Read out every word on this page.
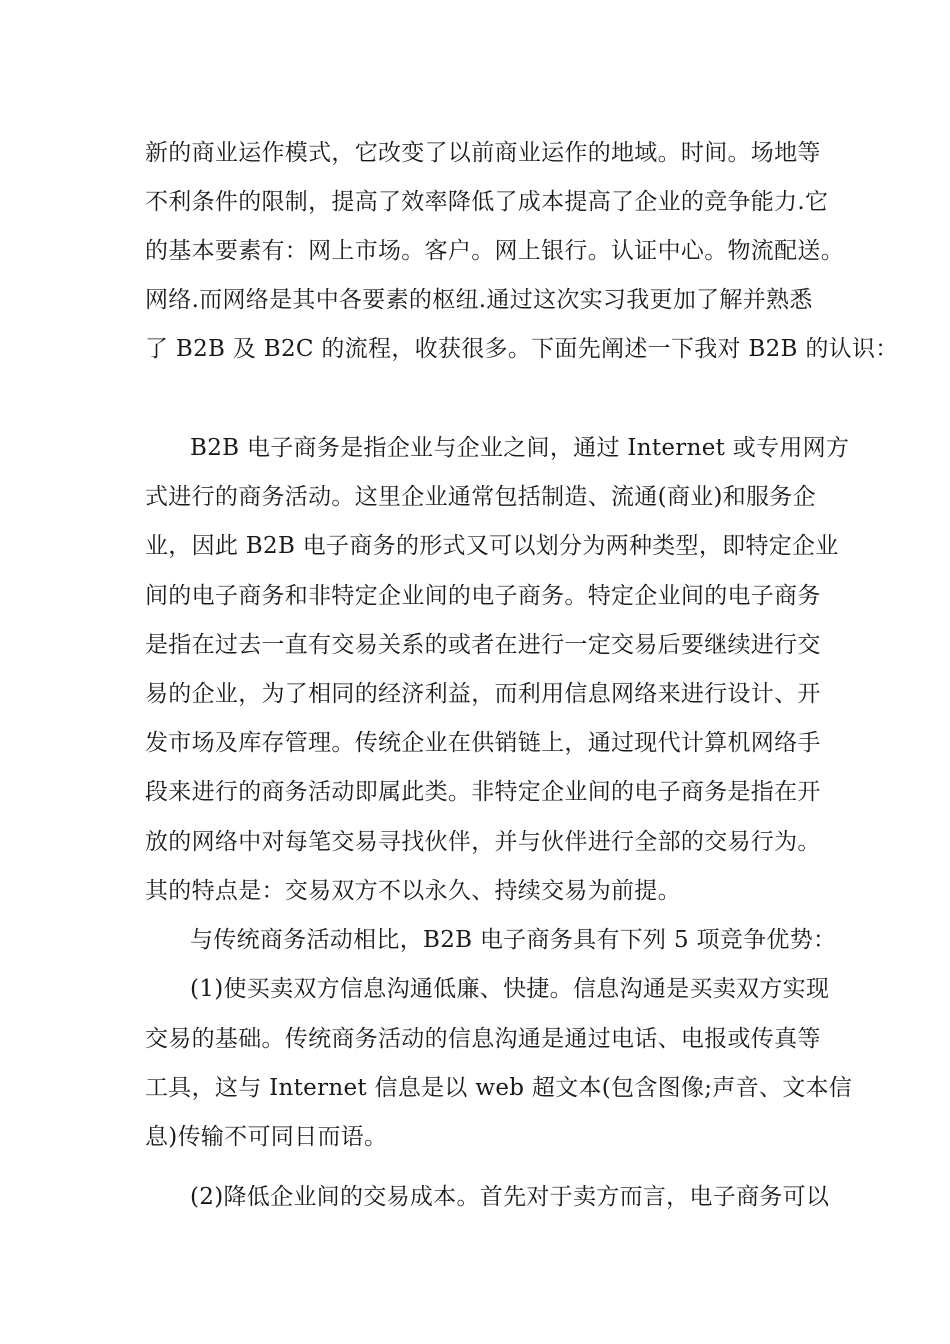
新的商业运作模式，它改变了以前商业运作的地域。时间。场地等
不利条件的限制，提高了效率降低了成本提高了企业的竞争能力.它
的基本要素有：网上市场。客户。网上银行。认证中心。物流配送。
网络.而网络是其中各要素的枢纽.通过这次实习我更加了解并熟悉
了 B2B 及 B2C 的流程，收获很多。下面先阐述一下我对 B2B 的认识：
B2B 电子商务是指企业与企业之间，通过 Internet 或专用网方
式进行的商务活动。这里企业通常包括制造、流通(商业)和服务企
业，因此 B2B 电子商务的形式又可以划分为两种类型，即特定企业
间的电子商务和非特定企业间的电子商务。特定企业间的电子商务
是指在过去一直有交易关系的或者在进行一定交易后要继续进行交
易的企业，为了相同的经济利益，而利用信息网络来进行设计、开
发市场及库存管理。传统企业在供销链上，通过现代计算机网络手
段来进行的商务活动即属此类。非特定企业间的电子商务是指在开
放的网络中对每笔交易寻找伙伴，并与伙伴进行全部的交易行为。
其的特点是：交易双方不以永久、持续交易为前提。
与传统商务活动相比，B2B 电子商务具有下列 5 项竞争优势：
(1)使买卖双方信息沟通低廉、快捷。信息沟通是买卖双方实现
交易的基础。传统商务活动的信息沟通是通过电话、电报或传真等
工具，这与 Internet 信息是以 web 超文本(包含图像;声音、文本信
息)传输不可同日而语。
(2)降低企业间的交易成本。首先对于卖方而言，电子商务可以
